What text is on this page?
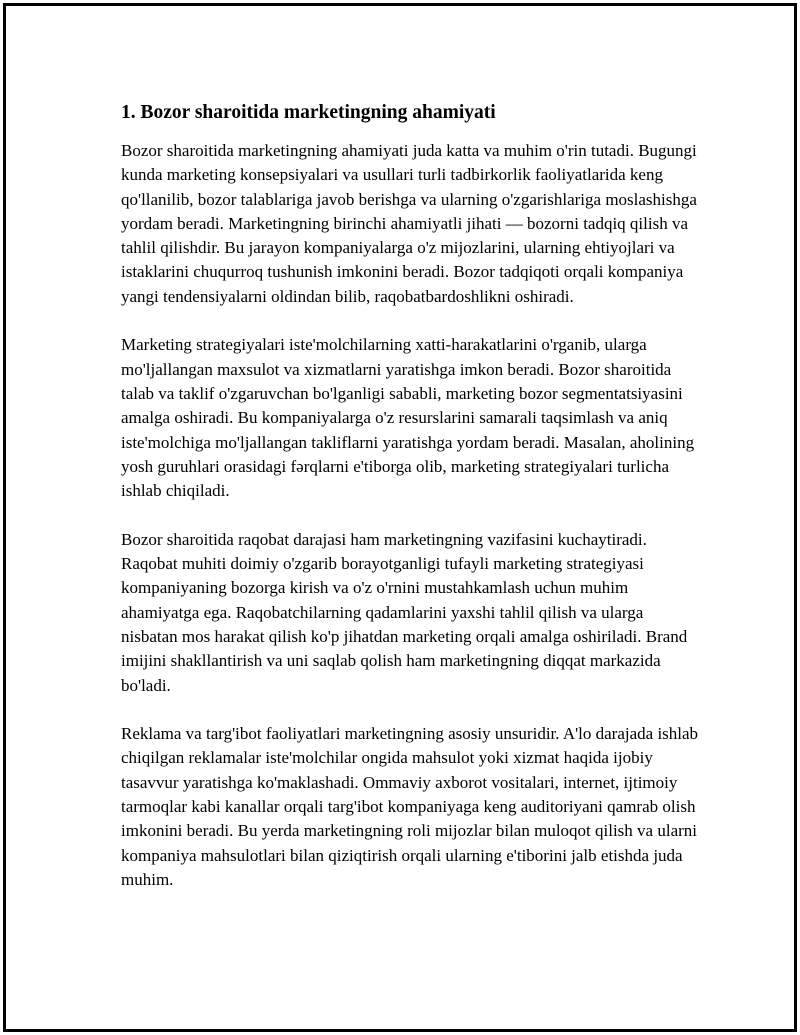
1. Bozor sharoitida marketingning ahamiyati

Bozor sharoitida marketingning ahamiyati juda katta va muhim o'rin tutadi. Bugungi kunda marketing konsepsiyalari va usullari turli tadbirkorlik faoliyatlarida keng qo'llanilib, bozor talablariga javob berishga va ularning o'zgarishlariga moslashishga yordam beradi. Marketingning birinchi ahamiyatli jihati — bozorni tadqiq qilish va tahlil qilishdir. Bu jarayon kompaniyalarga o'z mijozlarini, ularning ehtiyojlari va istaklarini chuqurroq tushunish imkonini beradi. Bozor tadqiqoti orqali kompaniya yangi tendensiyalarni oldindan bilib, raqobatbardoshlikni oshiradi.

Marketing strategiyalari iste'molchilarning xatti-harakatlarini o'rganib, ularga mo'ljallangan maxsulot va xizmatlarni yaratishga imkon beradi. Bozor sharoitida talab va taklif o'zgaruvchan bo'lganligi sababli, marketing bozor segmentatsiyasini amalga oshiradi. Bu kompaniyalarga o'z resurslarini samarali taqsimlash va aniq iste'molchiga mo'ljallangan takliflarni yaratishga yordam beradi. Masalan, aholining yosh guruhlari orasidagi fərqlarni e'tiborga olib, marketing strategiyalari turlicha ishlab chiqiladi.

Bozor sharoitida raqobat darajasi ham marketingning vazifasini kuchaytiradi. Raqobat muhiti doimiy o'zgarib borayotganligi tufayli marketing strategiyasi kompaniyaning bozorga kirish va o'z o'rnini mustahkamlash uchun muhim ahamiyatga ega. Raqobatchilarning qadamlarini yaxshi tahlil qilish va ularga nisbatan mos harakat qilish ko'p jihatdan marketing orqali amalga oshiriladi. Brand imijini shakllantirish va uni saqlab qolish ham marketingning diqqat markazida bo'ladi.

Reklama va targ'ibot faoliyatlari marketingning asosiy unsuridir. A'lo darajada ishlab chiqilgan reklamalar iste'molchilar ongida mahsulot yoki xizmat haqida ijobiy tasavvur yaratishga ko'maklashadi. Ommaviy axborot vositalari, internet, ijtimoiy tarmoqlar kabi kanallar orqali targ'ibot kompaniyaga keng auditoriyani qamrab olish imkonini beradi. Bu yerda marketingning roli mijozlar bilan muloqot qilish va ularni kompaniya mahsulotlari bilan qiziqtirish orqali ularning e'tiborini jalb etishda juda muhim.
